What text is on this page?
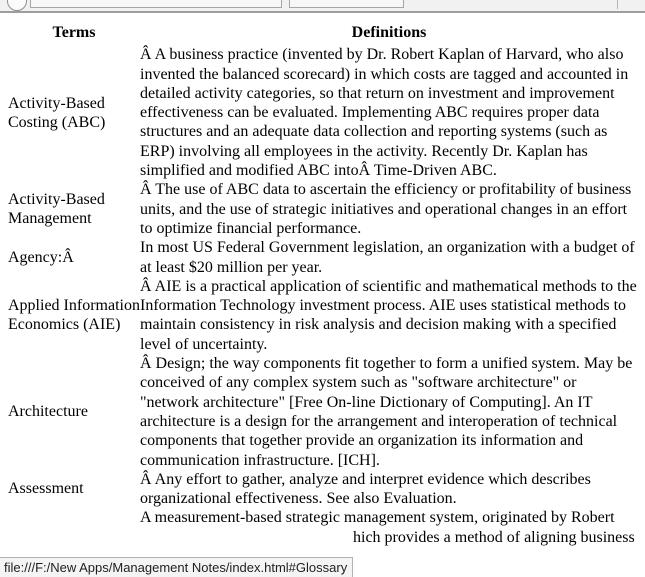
Terms	Definitions
Activity-Based Costing (ABC)	Â A business practice (invented by Dr. Robert Kaplan of Harvard, who also invented the balanced scorecard) in which costs are tagged and accounted in detailed activity categories, so that return on investment and improvement effectiveness can be evaluated. Implementing ABC requires proper data structures and an adequate data collection and reporting systems (such as ERP) involving all employees in the activity. Recently Dr. Kaplan has simplified and modified ABC intoÂ Time-Driven ABC.
Activity-Based Management	Â The use of ABC data to ascertain the efficiency or profitability of business units, and the use of strategic initiatives and operational changes in an effort to optimize financial performance.
Agency:Â	In most US Federal Government legislation, an organization with a budget of at least $20 million per year.
Applied Information Economics (AIE)	Â AIE is a practical application of scientific and mathematical methods to the Information Technology investment process. AIE uses statistical methods to maintain consistency in risk analysis and decision making with a specified level of uncertainty.
Architecture	Â Design; the way components fit together to form a unified system. May be conceived of any complex system such as "software architecture" or "network architecture" [Free On-line Dictionary of Computing]. An IT architecture is a design for the arrangement and interoperation of technical components that together provide an organization its information and communication infrastructure. [ICH].
Assessment	Â Any effort to gather, analyze and interpret evidence which describes organizational effectiveness. See also Evaluation.

	A measurement-based strategic management system, originated by Robert
hich provides a method of aligning business
file:///F:/New Apps/Management Notes/index.html#Glossary
